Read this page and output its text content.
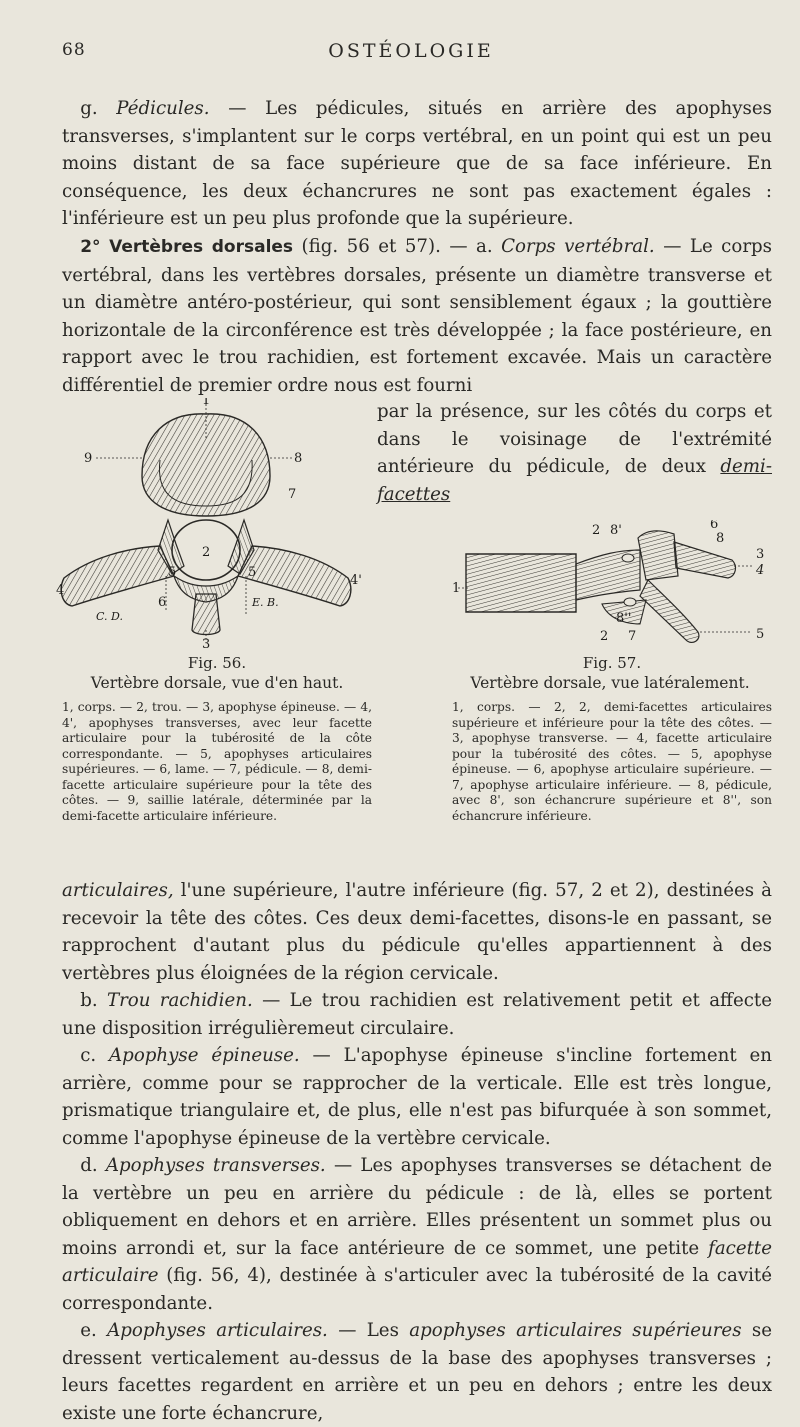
68	OSTÉOLOGIE

 g. Pédicules. — Les pédicules, situés en arrière des apophyses transverses, s'implantent sur le corps vertébral, en un point qui est un peu moins distant de sa face supérieure que de sa face inférieure. En conséquence, les deux échancrures ne sont pas exactement égales : l'inférieure est un peu plus profonde que la supérieure.

 2° Vertèbres dorsales (fig. 56 et 57). — a. Corps vertébral. — Le corps vertébral, dans les vertèbres dorsales, présente un diamètre transverse et un diamètre antéro-postérieur, qui sont sensiblement égaux ; la gouttière horizontale de la circonférence est très développée ; la face postérieure, en rapport avec le trou rachidien, est fortement excavée. Mais un caractère différentiel de premier ordre nous est fourni

par la présence, sur les côtés du corps et dans le voisinage de l'extrémité antérieure du pédicule, de deux demi-facettes

1
2
3
4
4'
5	5
6
7
8
9
C. D.
E. B.
1
2
2
3
4
5
6
7
8
8'
8''
Fig. 56.
Vertèbre dorsale, vue d'en haut.

1, corps. — 2, trou. — 3, apophyse épineuse. — 4, 4', apophyses transverses, avec leur facette articulaire pour la tubérosité de la côte correspondante. — 5, apophyses articulaires supérieures. — 6, lame. — 7, pédicule. — 8, demi-facette articulaire supérieure pour la tête des côtes. — 9, saillie latérale, déterminée par la demi-facette articulaire inférieure.

Fig. 57.
Vertèbre dorsale, vue latéralement.

1, corps. — 2, 2, demi-facettes articulaires supérieure et inférieure pour la tête des côtes. — 3, apophyse transverse. — 4, facette articulaire pour la tubérosité des côtes. — 5, apophyse épineuse. — 6, apophyse articulaire supérieure. — 7, apophyse articulaire inférieure. — 8, pédicule, avec 8', son échancrure supérieure et 8'', son échancrure inférieure.

articulaires, l'une supérieure, l'autre inférieure (fig. 57, 2 et 2), destinées à recevoir la tête des côtes. Ces deux demi-facettes, disons-le en passant, se rapprochent d'autant plus du pédicule qu'elles appartiennent à des vertèbres plus éloignées de la région cervicale.
 b. Trou rachidien. — Le trou rachidien est relativement petit et affecte une disposition irrégulièremeut circulaire.
 c. Apophyse épineuse. — L'apophyse épineuse s'incline fortement en arrière, comme pour se rapprocher de la verticale. Elle est très longue, prismatique triangulaire et, de plus, elle n'est pas bifurquée à son sommet, comme l'apophyse épineuse de la vertèbre cervicale.
 d. Apophyses transverses. — Les apophyses transverses se détachent de la vertèbre un peu en arrière du pédicule : de là, elles se portent obliquement en dehors et en arrière. Elles présentent un sommet plus ou moins arrondi et, sur la face antérieure de ce sommet, une petite facette articulaire (fig. 56, 4), destinée à s'articuler avec la tubérosité de la cavité correspondante.
 e. Apophyses articulaires. — Les apophyses articulaires supérieures se dressent verticalement au-dessus de la base des apophyses transverses ; leurs facettes regardent en arrière et un peu en dehors ; entre les deux existe une forte échancrure,
